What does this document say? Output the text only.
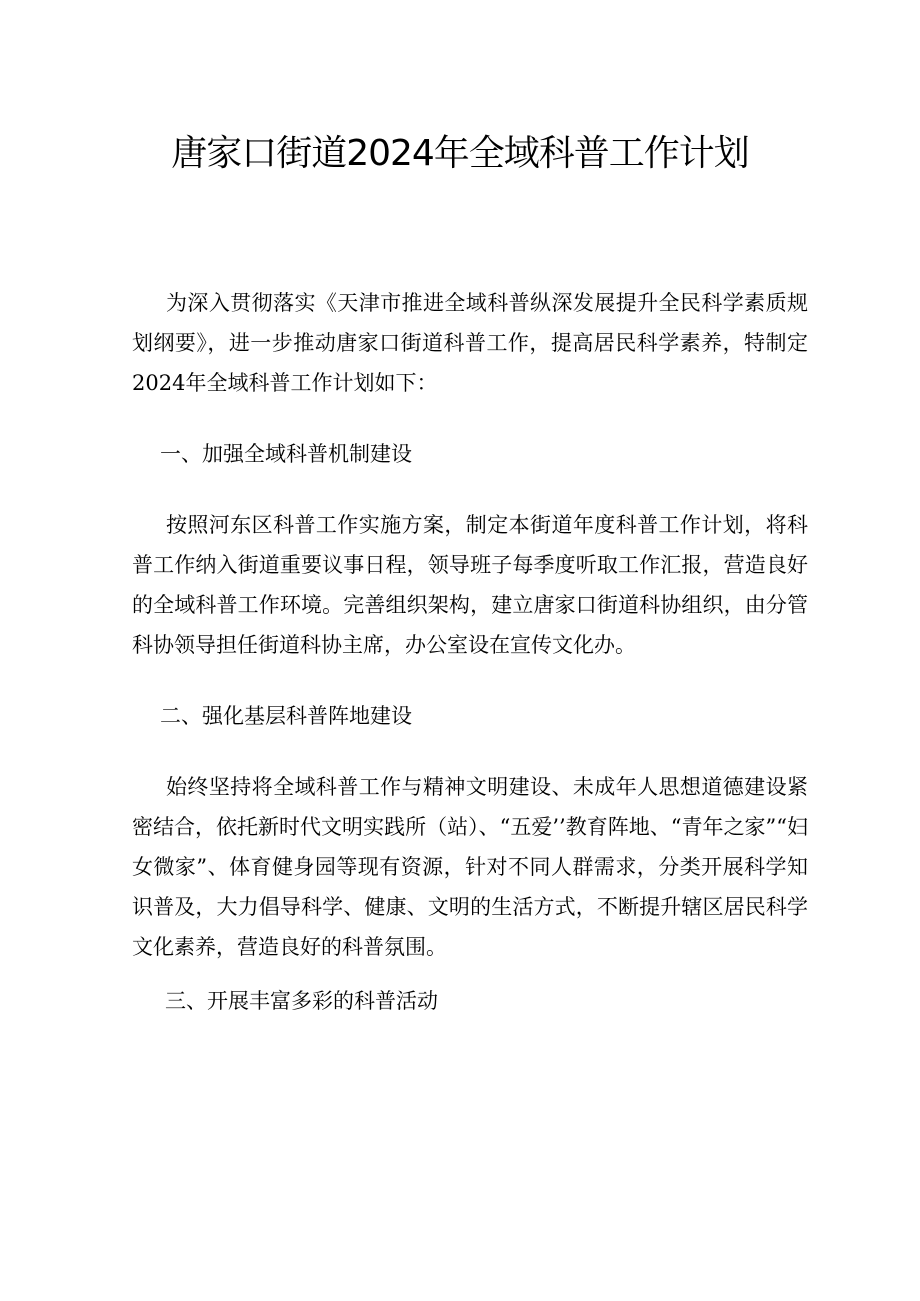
唐家口街道2024年全域科普工作计划

为深入贯彻落实《天津市推进全域科普纵深发展提升全民科学素质规划纲要》，进一步推动唐家口街道科普工作，提高居民科学素养，特制定2024年全域科普工作计划如下：

一、加强全域科普机制建设

按照河东区科普工作实施方案，制定本街道年度科普工作计划，将科普工作纳入街道重要议事日程，领导班子每季度听取工作汇报，营造良好的全域科普工作环境。完善组织架构，建立唐家口街道科协组织，由分管科协领导担任街道科协主席，办公室设在宣传文化办。

二、强化基层科普阵地建设

始终坚持将全域科普工作与精神文明建设、未成年人思想道德建设紧密结合，依托新时代文明实践所（站）、“五爱’’教育阵地、“青年之家”“妇女微家”、体育健身园等现有资源，针对不同人群需求，分类开展科学知识普及，大力倡导科学、健康、文明的生活方式，不断提升辖区居民科学文化素养，营造良好的科普氛围。

三、开展丰富多彩的科普活动
